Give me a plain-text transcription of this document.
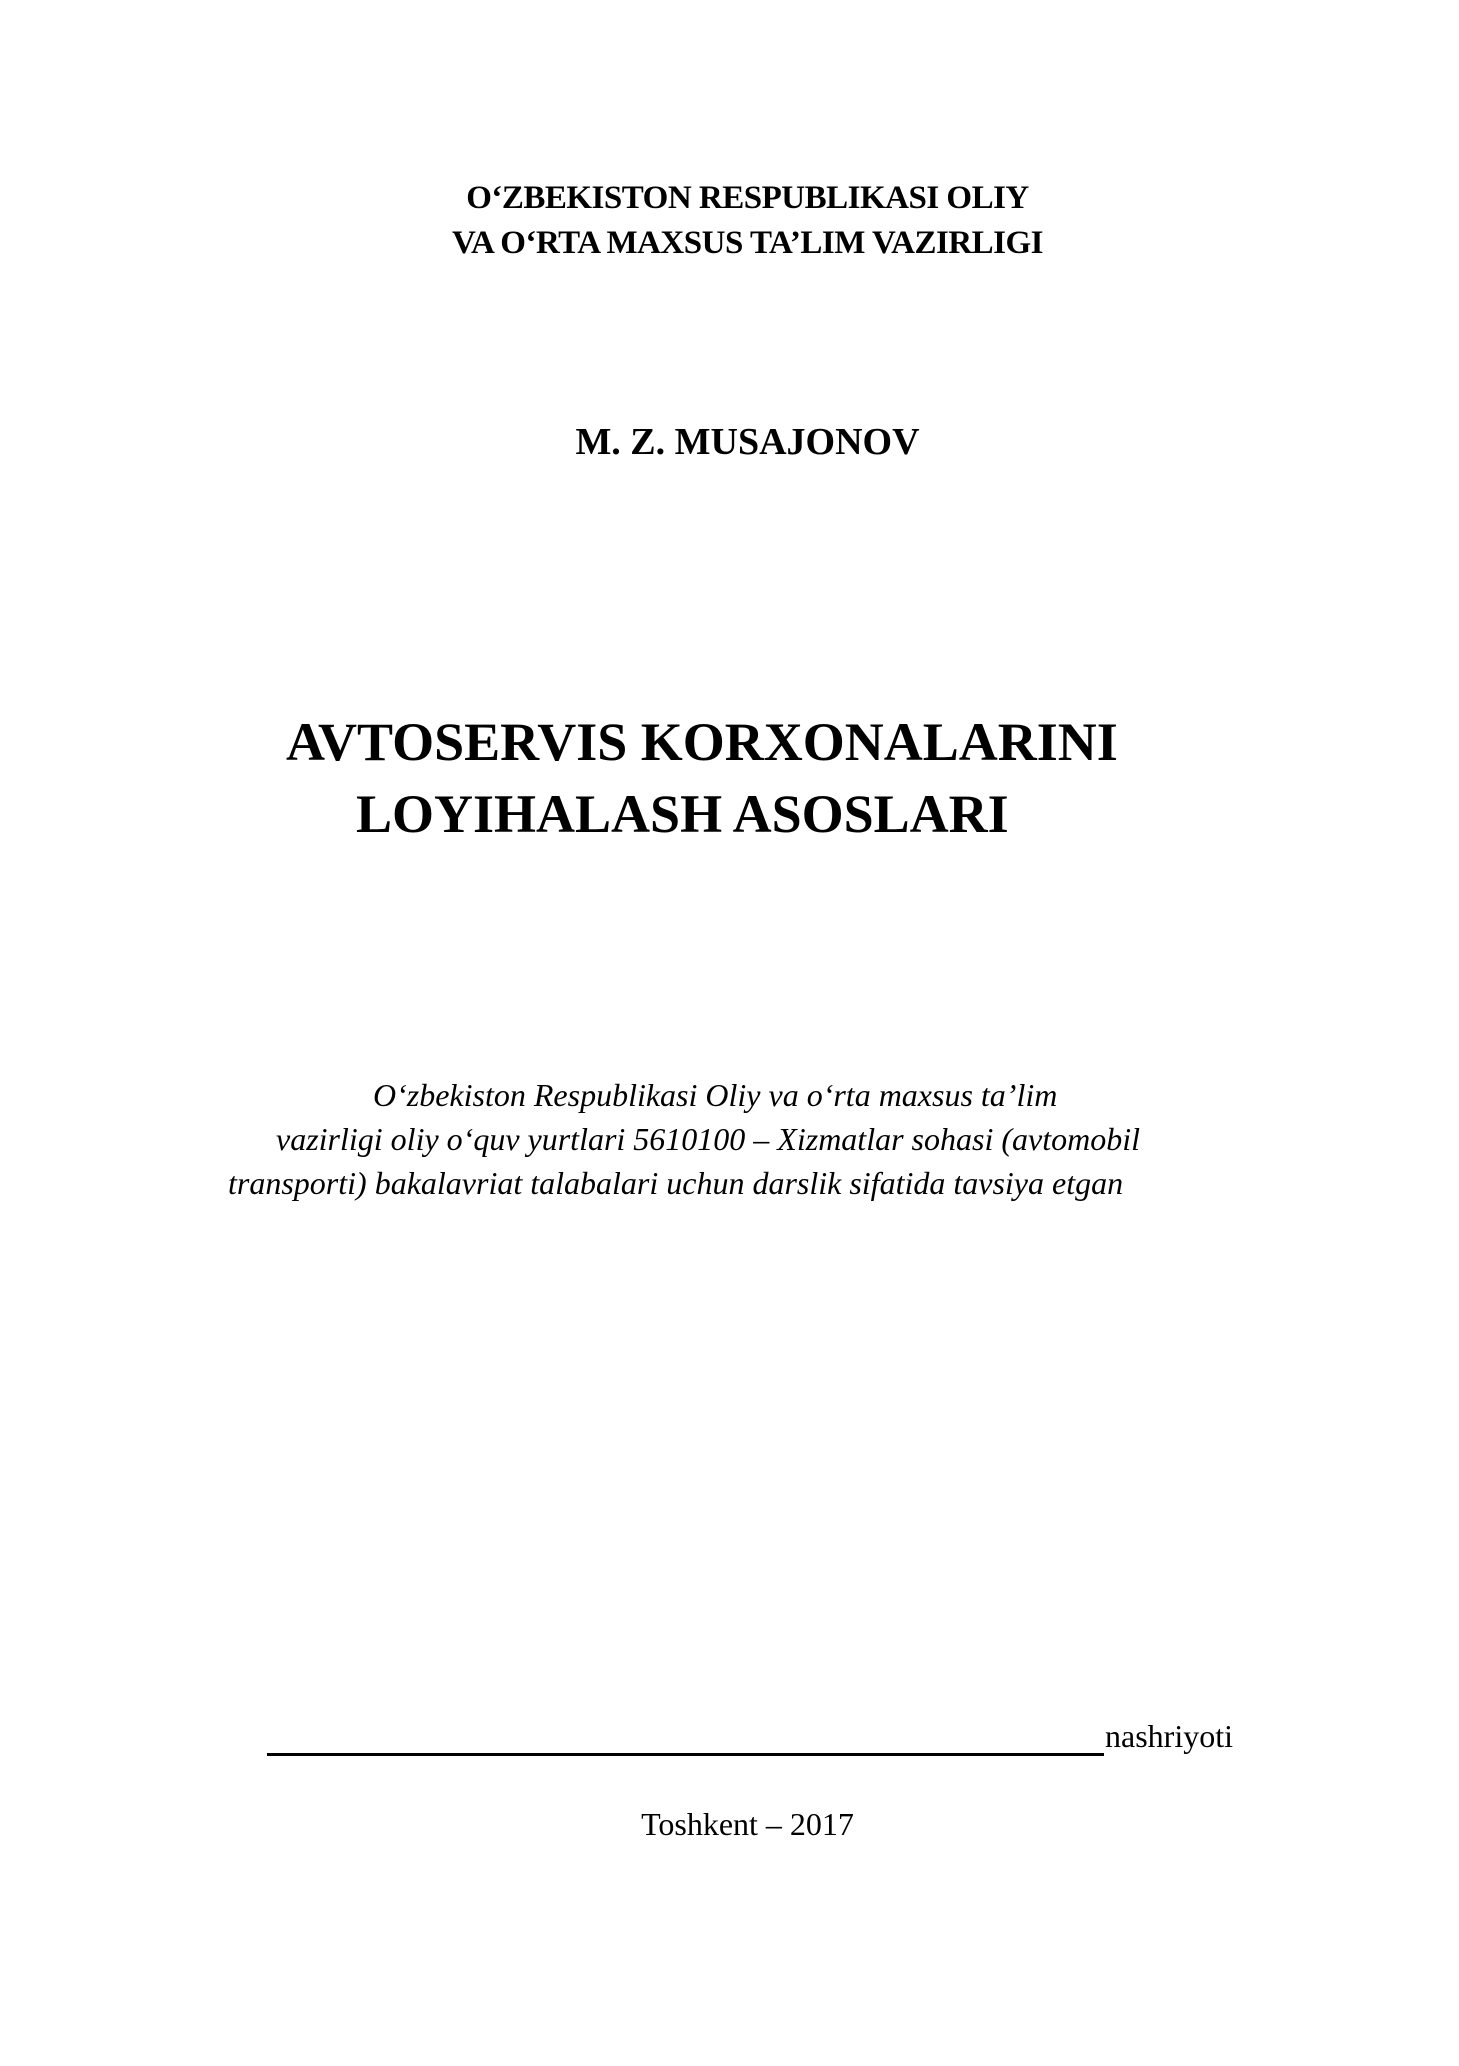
O‘ZBEKISTON RESPUBLIKASI OLIY
VA O‘RTA MAXSUS TA’LIM VAZIRLIGI
M. Z. MUSAJONOV
AVTOSERVIS KORXONALARINI
LOYIHALASH ASOSLARI
O‘zbekiston Respublikasi Oliy va o‘rta maxsus ta’lim
vazirligi oliy o‘quv yurtlari 5610100 – Xizmatlar sohasi (avtomobil
transporti) bakalavriat talabalari uchun darslik sifatida tavsiya etgan
nashriyoti
Toshkent – 2017
